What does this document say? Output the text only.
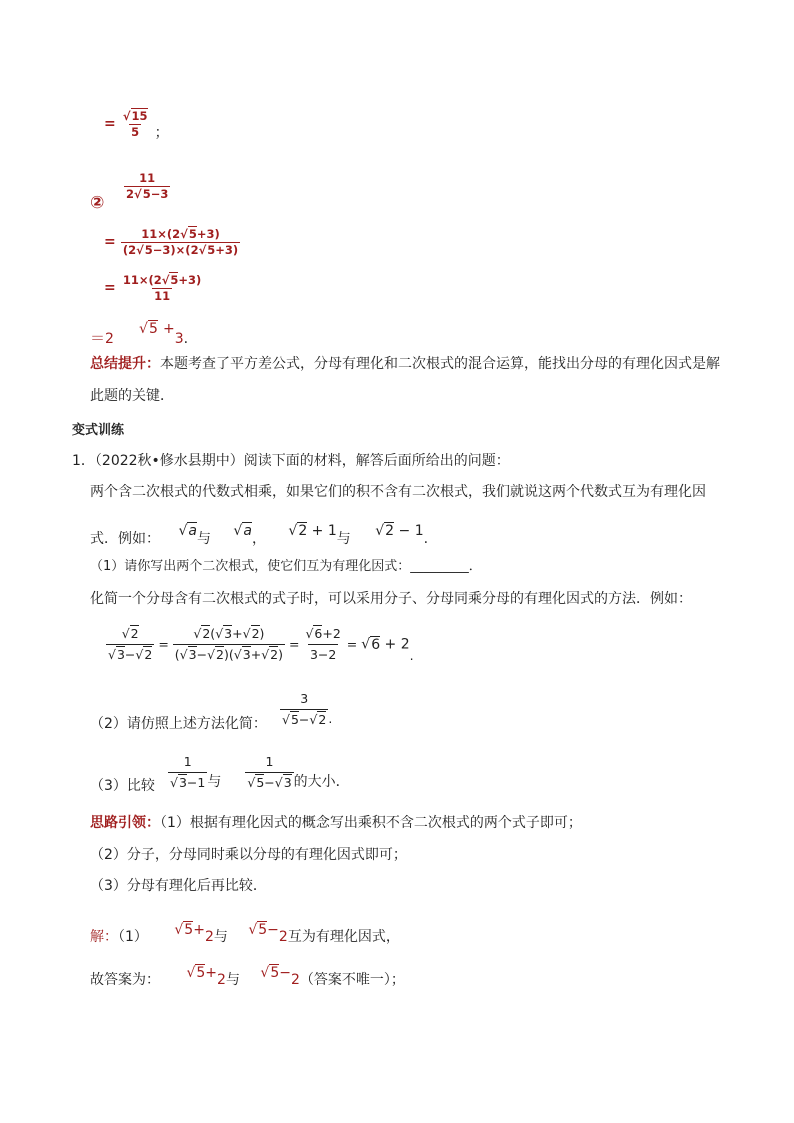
= $\frac{√15}{5}$ ；
②
$\frac{11}{2√5-3}$
= $\frac{11\times(2√5+3)}{(2√5-3)\times(2√5+3)}$
= $\frac{11\times(2√5+3)}{11}$
＝2 √5 +3.
总结提升：本题考查了平方差公式，分母有理化和二次根式的混合运算，能找出分母的有理化因式是解
此题的关键．
变式训练
1．（2022秋•修水县期中）阅读下面的材料，解答后面所给出的问题：
两个含二次根式的代数式相乘，如果它们的积不含有二次根式，我们就说这两个代数式互为有理化因
式．例如： √a与 √a， √2 + 1与 √2 − 1.
（1）请你写出两个二次根式，使它们互为有理化因式：_________．
化简一个分母含有二次根式的式子时，可以采用分子、分母同乘分母的有理化因式的方法．例如：
$\frac{√2}{√3-√2} = \frac{√2(√3+√2)}{(√3-√2)(√3+√2)} = \frac{√6+2}{3-2} = √6 + 2$.
（2）请仿照上述方法化简： $\frac{3}{√5-√2}$ .
（3）比较 $\frac{1}{√3-1}$ 与 $\frac{1}{√5-√3}$ 的大小．
思路引领：（1）根据有理化因式的概念写出乘积不含二次根式的两个式子即可；
（2）分子，分母同时乘以分母的有理化因式即可；
（3）分母有理化后再比较．
解：（1） √5+2与 √5−2互为有理化因式，
故答案为： √5+2与 √5−2（答案不唯一）；
